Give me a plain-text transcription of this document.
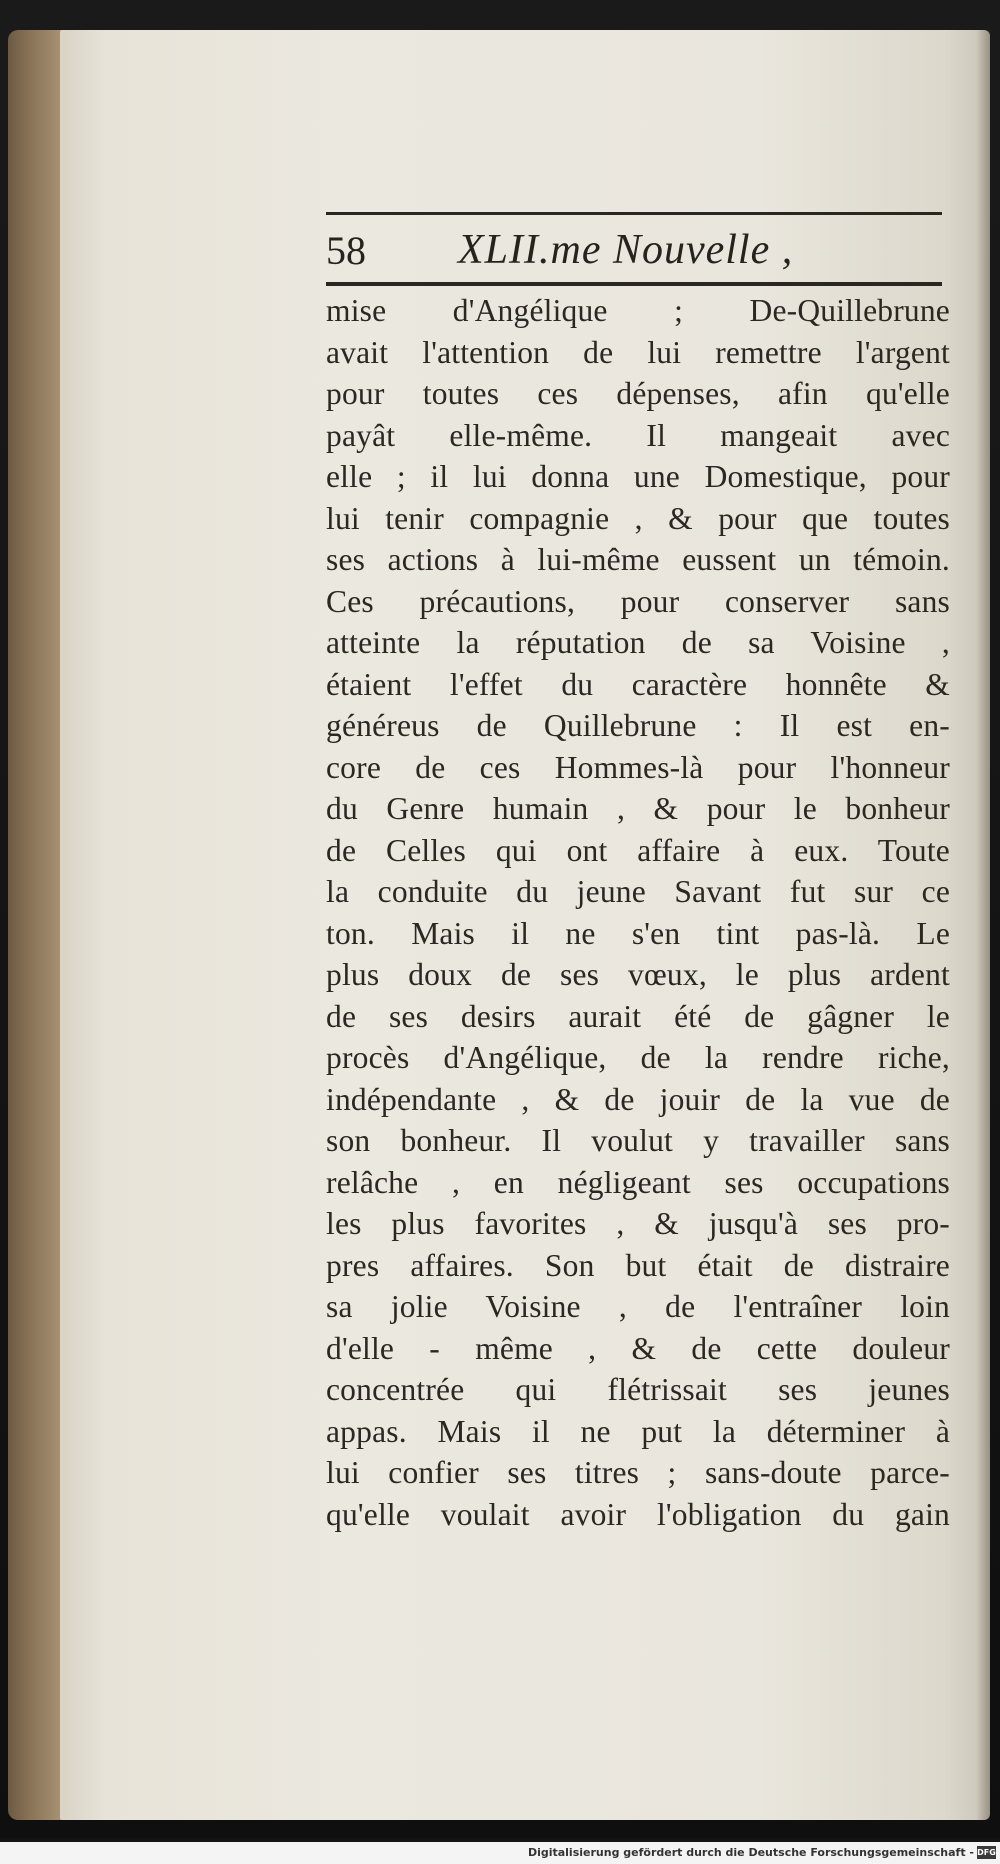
58 XLII.me Nouvelle ,
mise d'Angélique ; De-Quillebrune
avait l'attention de lui remettre l'argent
pour toutes ces dépenses, afin qu'elle
payât elle-même. Il mangeait avec
elle ; il lui donna une Domestique, pour
lui tenir compagnie , & pour que toutes
ses actions à lui-même eussent un témoin.
Ces précautions, pour conserver sans
atteinte la réputation de sa Voisine ,
étaient l'effet du caractère honnête &
généreus de Quillebrune : Il est en-
core de ces Hommes-là pour l'honneur
du Genre humain , & pour le bonheur
de Celles qui ont affaire à eux. Toute
la conduite du jeune Savant fut sur ce
ton. Mais il ne s'en tint pas-là. Le
plus doux de ses vœux, le plus ardent
de ses desirs aurait été de gâgner le
procès d'Angélique, de la rendre riche,
indépendante , & de jouir de la vue de
son bonheur. Il voulut y travailler sans
relâche , en négligeant ses occupations
les plus favorites , & jusqu'à ses pro-
pres affaires. Son but était de distraire
sa jolie Voisine , de l'entraîner loin
d'elle - même , & de cette douleur
concentrée qui flétrissait ses jeunes
appas. Mais il ne put la déterminer à
lui confier ses titres ; sans-doute parce-
qu'elle voulait avoir l'obligation du gain
Digitalisierung gefördert durch die Deutsche Forschungsgemeinschaft - DFG
